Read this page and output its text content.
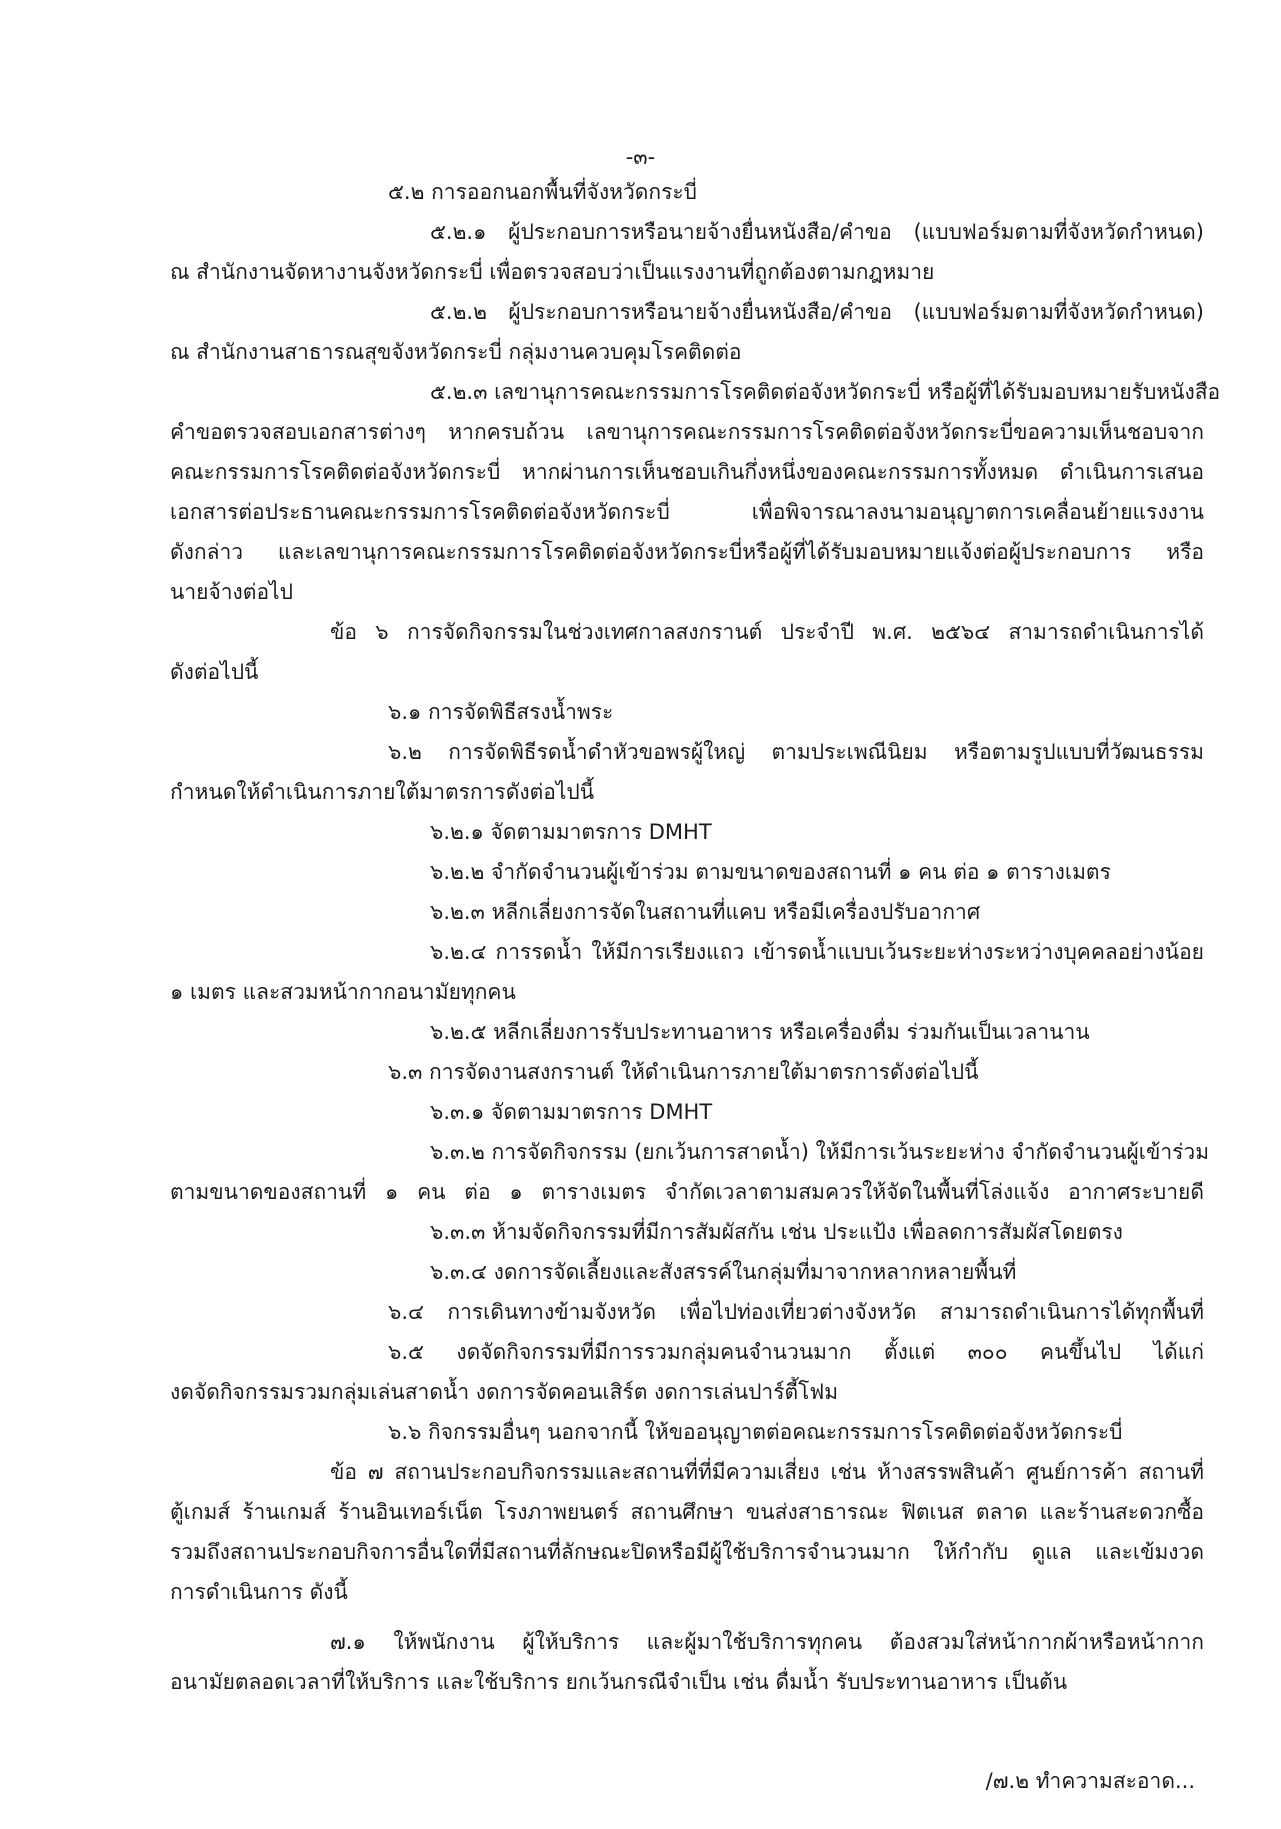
-๓-
๕.๒ การออกนอกพื้นที่จังหวัดกระบี่
๕.๒.๑ ผู้ประกอบการหรือนายจ้างยื่นหนังสือ/คำขอ (แบบฟอร์มตามที่จังหวัดกำหนด)
ณ สำนักงานจัดหางานจังหวัดกระบี่ เพื่อตรวจสอบว่าเป็นแรงงานที่ถูกต้องตามกฎหมาย
๕.๒.๒ ผู้ประกอบการหรือนายจ้างยื่นหนังสือ/คำขอ (แบบฟอร์มตามที่จังหวัดกำหนด)
ณ สำนักงานสาธารณสุขจังหวัดกระบี่ กลุ่มงานควบคุมโรคติดต่อ
๕.๒.๓ เลขานุการคณะกรรมการโรคติดต่อจังหวัดกระบี่ หรือผู้ที่ได้รับมอบหมายรับหนังสือ
คำขอตรวจสอบเอกสารต่างๆ หากครบถ้วน เลขานุการคณะกรรมการโรคติดต่อจังหวัดกระบี่ขอความเห็นชอบจาก
คณะกรรมการโรคติดต่อจังหวัดกระบี่ หากผ่านการเห็นชอบเกินกึ่งหนึ่งของคณะกรรมการทั้งหมด ดำเนินการเสนอ
เอกสารต่อประธานคณะกรรมการโรคติดต่อจังหวัดกระบี่ เพื่อพิจารณาลงนามอนุญาตการเคลื่อนย้ายแรงงาน
ดังกล่าว และเลขานุการคณะกรรมการโรคติดต่อจังหวัดกระบี่หรือผู้ที่ได้รับมอบหมายแจ้งต่อผู้ประกอบการ หรือ
นายจ้างต่อไป
ข้อ ๖ การจัดกิจกรรมในช่วงเทศกาลสงกรานต์ ประจำปี พ.ศ. ๒๕๖๔ สามารถดำเนินการได้
ดังต่อไปนี้
๖.๑ การจัดพิธีสรงน้ำพระ
๖.๒ การจัดพิธีรดน้ำดำหัวขอพรผู้ใหญ่ ตามประเพณีนิยม หรือตามรูปแบบที่วัฒนธรรม
กำหนดให้ดำเนินการภายใต้มาตรการดังต่อไปนี้
๖.๒.๑ จัดตามมาตรการ DMHT
๖.๒.๒ จำกัดจำนวนผู้เข้าร่วม ตามขนาดของสถานที่ ๑ คน ต่อ ๑ ตารางเมตร
๖.๒.๓ หลีกเลี่ยงการจัดในสถานที่แคบ หรือมีเครื่องปรับอากาศ
๖.๒.๔ การรดน้ำ ให้มีการเรียงแถว เข้ารดน้ำแบบเว้นระยะห่างระหว่างบุคคลอย่างน้อย
๑ เมตร และสวมหน้ากากอนามัยทุกคน
๖.๒.๕ หลีกเลี่ยงการรับประทานอาหาร หรือเครื่องดื่ม ร่วมกันเป็นเวลานาน
๖.๓ การจัดงานสงกรานต์ ให้ดำเนินการภายใต้มาตรการดังต่อไปนี้
๖.๓.๑ จัดตามมาตรการ DMHT
๖.๓.๒ การจัดกิจกรรม (ยกเว้นการสาดน้ำ) ให้มีการเว้นระยะห่าง จำกัดจำนวนผู้เข้าร่วม
ตามขนาดของสถานที่ ๑ คน ต่อ ๑ ตารางเมตร จำกัดเวลาตามสมควรให้จัดในพื้นที่โล่งแจ้ง อากาศระบายดี
๖.๓.๓ ห้ามจัดกิจกรรมที่มีการสัมผัสกัน เช่น ประแป้ง เพื่อลดการสัมผัสโดยตรง
๖.๓.๔ งดการจัดเลี้ยงและสังสรรค์ในกลุ่มที่มาจากหลากหลายพื้นที่
๖.๔ การเดินทางข้ามจังหวัด เพื่อไปท่องเที่ยวต่างจังหวัด สามารถดำเนินการได้ทุกพื้นที่
๖.๕ งดจัดกิจกรรมที่มีการรวมกลุ่มคนจำนวนมาก ตั้งแต่ ๓๐๐ คนขึ้นไป ได้แก่
งดจัดกิจกรรมรวมกลุ่มเล่นสาดน้ำ งดการจัดคอนเสิร์ต งดการเล่นปาร์ตี้โฟม
๖.๖ กิจกรรมอื่นๆ นอกจากนี้ ให้ขออนุญาตต่อคณะกรรมการโรคติดต่อจังหวัดกระบี่
ข้อ ๗ สถานประกอบกิจกรรมและสถานที่ที่มีความเสี่ยง เช่น ห้างสรรพสินค้า ศูนย์การค้า สถานที่
ตู้เกมส์ ร้านเกมส์ ร้านอินเทอร์เน็ต โรงภาพยนตร์ สถานศึกษา ขนส่งสาธารณะ ฟิตเนส ตลาด และร้านสะดวกซื้อ
รวมถึงสถานประกอบกิจการอื่นใดที่มีสถานที่ลักษณะปิดหรือมีผู้ใช้บริการจำนวนมาก ให้กำกับ ดูแล และเข้มงวด
การดำเนินการ ดังนี้
๗.๑ ให้พนักงาน ผู้ให้บริการ และผู้มาใช้บริการทุกคน ต้องสวมใส่หน้ากากผ้าหรือหน้ากาก
อนามัยตลอดเวลาที่ให้บริการ และใช้บริการ ยกเว้นกรณีจำเป็น เช่น ดื่มน้ำ รับประทานอาหาร เป็นต้น
/๗.๒ ทำความสะอาด...
